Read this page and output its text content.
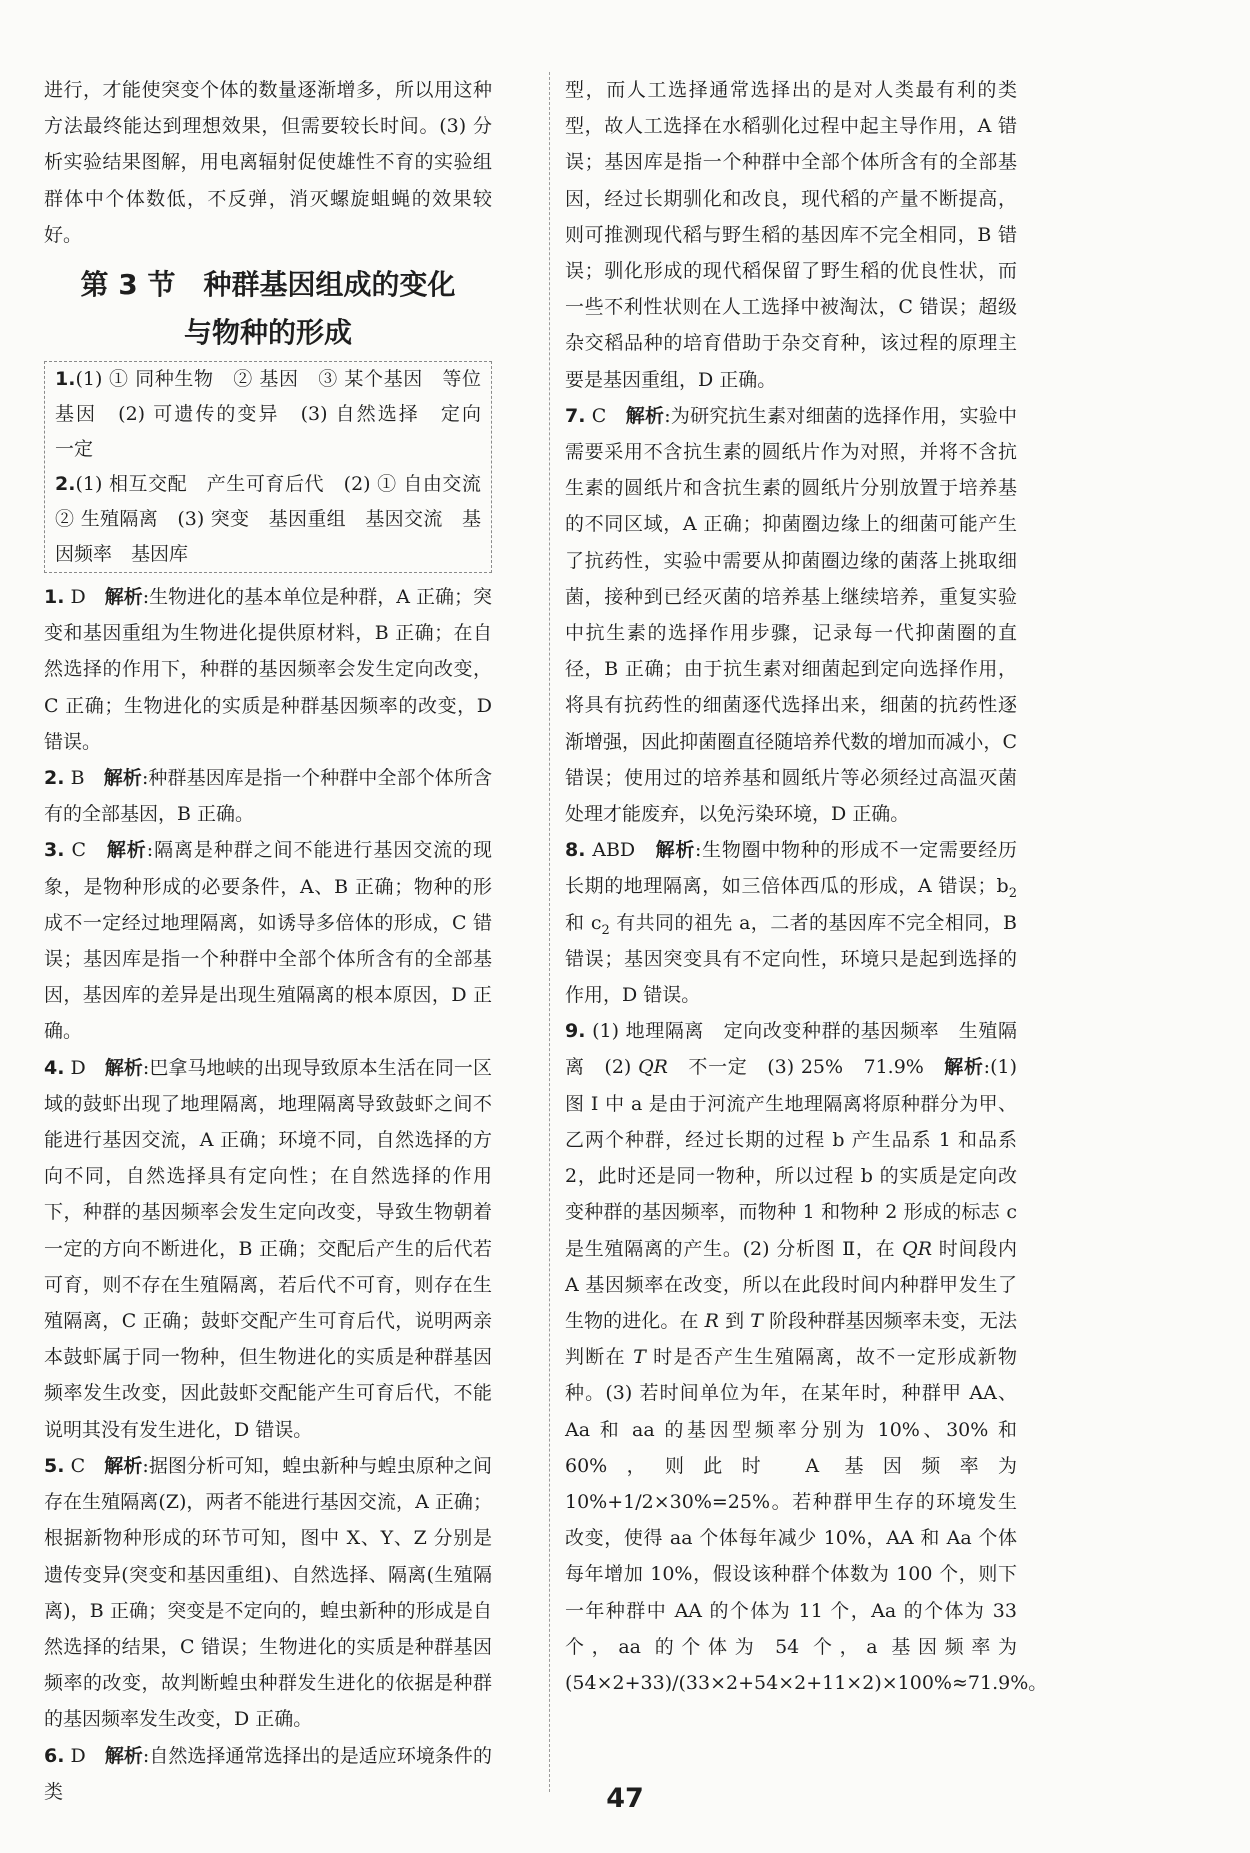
进行，才能使突变个体的数量逐渐增多，所以用这种方法最终能达到理想效果，但需要较长时间。(3) 分析实验结果图解，用电离辐射促使雄性不育的实验组群体中个体数低，不反弹，消灭螺旋蛆蝇的效果较好。

第 3 节　种群基因组成的变化
与物种的形成

1.(1) ① 同种生物　② 基因　③ 某个基因　等位基因　(2) 可遗传的变异　(3) 自然选择　定向　一定

2.(1) 相互交配　产生可育后代　(2) ① 自由交流　② 生殖隔离　(3) 突变　基因重组　基因交流　基因频率　基因库

1. D　 解析:生物进化的基本单位是种群，A 正确；突变和基因重组为生物进化提供原材料，B 正确；在自然选择的作用下，种群的基因频率会发生定向改变，C 正确；生物进化的实质是种群基因频率的改变，D 错误。

2. B　 解析:种群基因库是指一个种群中全部个体所含有的全部基因，B 正确。

3. C　 解析:隔离是种群之间不能进行基因交流的现象，是物种形成的必要条件，A、B 正确；物种的形成不一定经过地理隔离，如诱导多倍体的形成，C 错误；基因库是指一个种群中全部个体所含有的全部基因，基因库的差异是出现生殖隔离的根本原因，D 正确。

4. D　 解析:巴拿马地峡的出现导致原本生活在同一区域的鼓虾出现了地理隔离，地理隔离导致鼓虾之间不能进行基因交流，A 正确；环境不同，自然选择的方向不同，自然选择具有定向性；在自然选择的作用下，种群的基因频率会发生定向改变，导致生物朝着一定的方向不断进化，B 正确；交配后产生的后代若可育，则不存在生殖隔离，若后代不可育，则存在生殖隔离，C 正确；鼓虾交配产生可育后代，说明两亲本鼓虾属于同一物种，但生物进化的实质是种群基因频率发生改变，因此鼓虾交配能产生可育后代，不能说明其没有发生进化，D 错误。

5. C　 解析:据图分析可知，蝗虫新种与蝗虫原种之间存在生殖隔离(Z)，两者不能进行基因交流，A 正确；根据新物种形成的环节可知，图中 X、Y、Z 分别是遗传变异(突变和基因重组)、自然选择、隔离(生殖隔离)，B 正确；突变是不定向的，蝗虫新种的形成是自然选择的结果，C 错误；生物进化的实质是种群基因频率的改变，故判断蝗虫种群发生进化的依据是种群的基因频率发生改变，D 正确。

6. D　 解析:自然选择通常选择出的是适应环境条件的类

型，而人工选择通常选择出的是对人类最有利的类型，故人工选择在水稻驯化过程中起主导作用，A 错误；基因库是指一个种群中全部个体所含有的全部基因，经过长期驯化和改良，现代稻的产量不断提高，则可推测现代稻与野生稻的基因库不完全相同，B 错误；驯化形成的现代稻保留了野生稻的优良性状，而一些不利性状则在人工选择中被淘汰，C 错误；超级杂交稻品种的培育借助于杂交育种，该过程的原理主要是基因重组，D 正确。

7. C　 解析:为研究抗生素对细菌的选择作用，实验中需要采用不含抗生素的圆纸片作为对照，并将不含抗生素的圆纸片和含抗生素的圆纸片分别放置于培养基的不同区域，A 正确；抑菌圈边缘上的细菌可能产生了抗药性，实验中需要从抑菌圈边缘的菌落上挑取细菌，接种到已经灭菌的培养基上继续培养，重复实验中抗生素的选择作用步骤，记录每一代抑菌圈的直径，B 正确；由于抗生素对细菌起到定向选择作用，将具有抗药性的细菌逐代选择出来，细菌的抗药性逐渐增强，因此抑菌圈直径随培养代数的增加而减小，C 错误；使用过的培养基和圆纸片等必须经过高温灭菌处理才能废弃，以免污染环境，D 正确。

8. ABD　 解析:生物圈中物种的形成不一定需要经历长期的地理隔离，如三倍体西瓜的形成，A 错误；$b_2$ 和 $c_2$ 有共同的祖先 a，二者的基因库不完全相同，B 错误；基因突变具有不定向性，环境只是起到选择的作用，D 错误。

9. (1) 地理隔离　定向改变种群的基因频率　生殖隔离　(2) QR　不一定　(3) 25%　71.9%　解析:(1) 图 Ⅰ 中 a 是由于河流产生地理隔离将原种群分为甲、乙两个种群，经过长期的过程 b 产生品系 1 和品系 2，此时还是同一物种，所以过程 b 的实质是定向改变种群的基因频率，而物种 1 和物种 2 形成的标志 c 是生殖隔离的产生。(2) 分析图 Ⅱ，在 QR 时间段内 A 基因频率在改变，所以在此段时间内种群甲发生了生物的进化。在 R 到 T 阶段种群基因频率未变，无法判断在 T 时是否产生生殖隔离，故不一定形成新物种。(3) 若时间单位为年，在某年时，种群甲 AA、Aa 和 aa 的基因型频率分别为 10%、30% 和 60%，则此时 A 基因频率为 10%+1/2×30%=25%。若种群甲生存的环境发生改变，使得 aa 个体每年减少 10%，AA 和 Aa 个体每年增加 10%，假设该种群个体数为 100 个，则下一年种群中 AA 的个体为 11 个，Aa 的个体为 33 个，aa 的个体为 54 个，a 基因频率为(54×2+33)/(33×2+54×2+11×2)×100%≈71.9%。

47
